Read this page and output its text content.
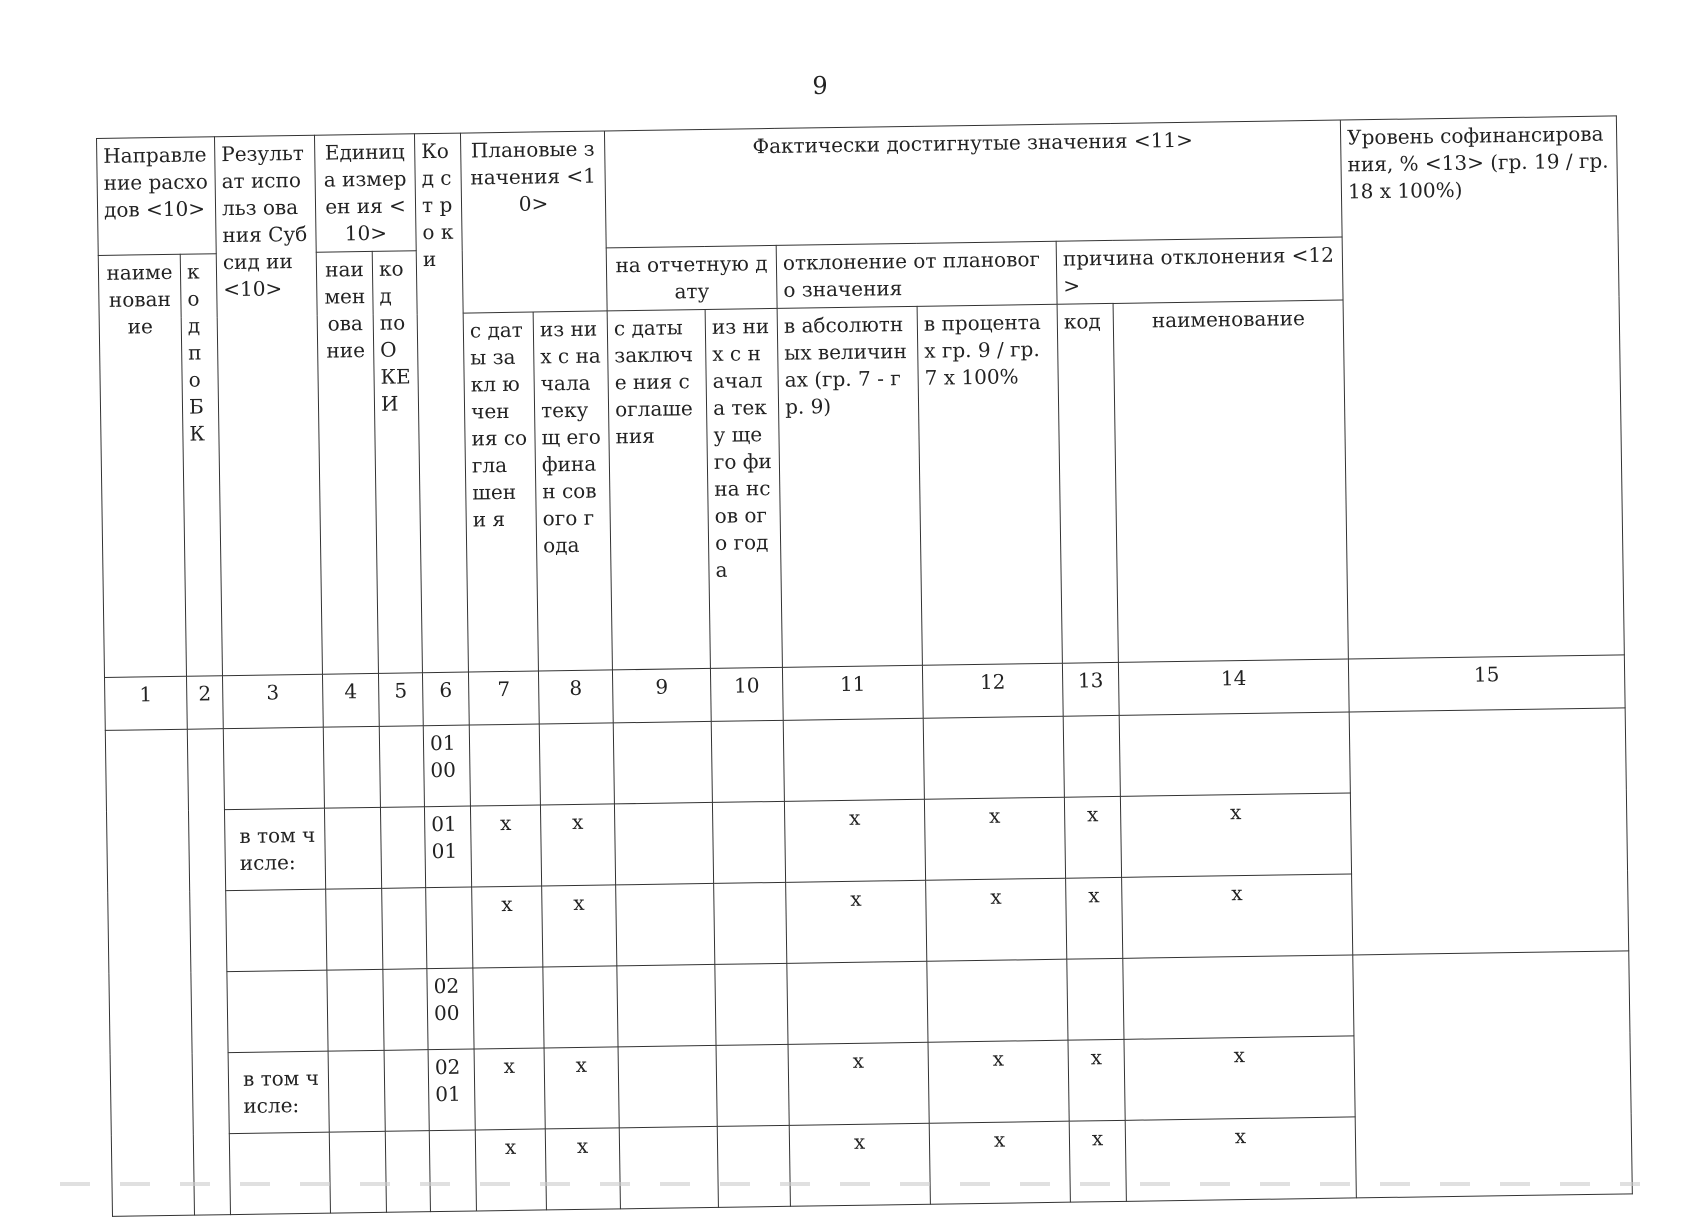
9
Направле ние расходов <10>		Результ ат использ ования Субсид ии <10>	Единиц а измерен ия <10>		Ко д ст ро ки	Плановые значения <10>		Фактически достигнутые значения <11>						Уровень софинансирования, % <13> (гр. 19 / гр. 18 х 100%)
наиме нован ие	ко д по Б К		наи мен ова ние	ко д по О КЕ И				на отчетную дату		отклонение от планового значения		причина отклонения <12>		
						с даты закл ючен ия согла шени я	из них с начала текущ его финан сового года	с даты заключе ния соглаше ния	из них с начал а теку щего фина нсов ого года	в абсолютных величинах (гр. 7 - гр. 9)	в процентах гр. 9 / гр. 7 х 100%	код	наименование	

1	2	3	4	5	6	7	8	9	10	11	12	13	14	15
					01 00									
		в том числе:			01 01	х	х			х	х	х	х	
						х	х			х	х	х	х	
					02 00									
		в том числе:			02 01	х	х			х	х	х	х	
						х	х			х	х	х	х	
